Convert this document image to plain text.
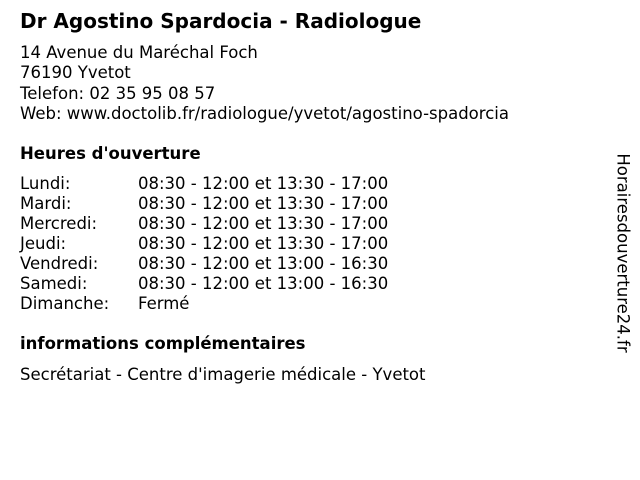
Dr Agostino Spardocia - Radiologue
14 Avenue du Maréchal Foch
76190 Yvetot
Telefon: 02 35 95 08 57
Web: www.doctolib.fr/radiologue/yvetot/agostino-spadorcia
Heures d'ouverture
Lundi:	08:30 - 12:00 et 13:30 - 17:00
Mardi:	08:30 - 12:00 et 13:30 - 17:00
Mercredi: 08:30 - 12:00 et 13:30 - 17:00
Jeudi:	08:30 - 12:00 et 13:30 - 17:00
Vendredi: 08:30 - 12:00 et 13:00 - 16:30
Samedi:	08:30 - 12:00 et 13:00 - 16:30
Dimanche: Fermé
informations complémentaires
Secrétariat - Centre d'imagerie médicale - Yvetot
Horairesdouverture24.fr
